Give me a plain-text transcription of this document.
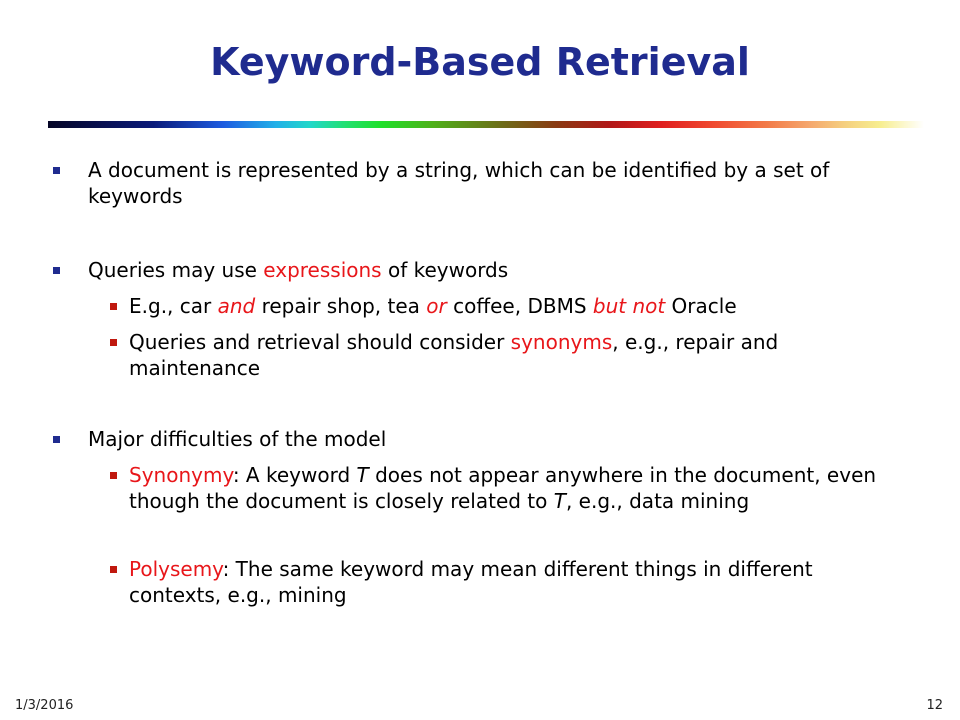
Keyword-Based Retrieval
A document is represented by a string, which can be identified by a set of keywords
Queries may use expressions of keywords
E.g., car and repair shop, tea or coffee, DBMS but not Oracle
Queries and retrieval should consider synonyms, e.g., repair and maintenance
Major difficulties of the model
Synonymy: A keyword T does not appear anywhere in the document, even though the document is closely related to T, e.g., data mining
Polysemy: The same keyword may mean different things in different contexts, e.g., mining
1/3/2016	12
